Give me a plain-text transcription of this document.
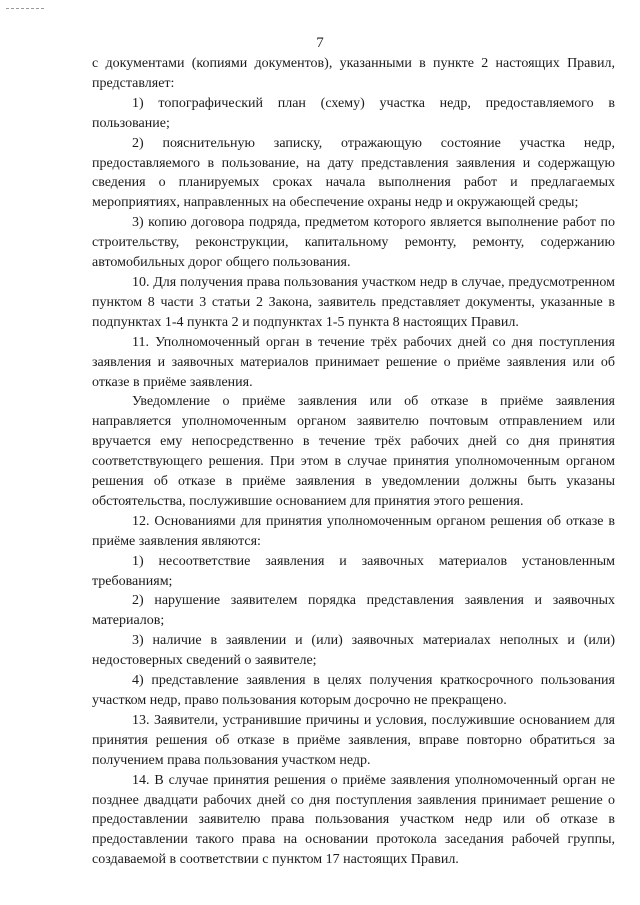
7

с документами (копиями документов), указанными в пункте 2 настоящих Правил, представляет:

1) топографический план (схему) участка недр, предоставляемого в пользование;

2) пояснительную записку, отражающую состояние участка недр, предоставляемого в пользование, на дату представления заявления и содержащую сведения о планируемых сроках начала выполнения работ и предлагаемых мероприятиях, направленных на обеспечение охраны недр и окружающей среды;

3) копию договора подряда, предметом которого является выполнение работ по строительству, реконструкции, капитальному ремонту, ремонту, содержанию автомобильных дорог общего пользования.

10. Для получения права пользования участком недр в случае, предусмотренном пунктом 8 части 3 статьи 2 Закона, заявитель представляет документы, указанные в подпунктах 1-4 пункта 2 и подпунктах 1-5 пункта 8 настоящих Правил.

11. Уполномоченный орган в течение трёх рабочих дней со дня поступления заявления и заявочных материалов принимает решение о приёме заявления или об отказе в приёме заявления.

Уведомление о приёме заявления или об отказе в приёме заявления направляется уполномоченным органом заявителю почтовым отправлением или вручается ему непосредственно в течение трёх рабочих дней со дня принятия соответствующего решения. При этом в случае принятия уполномоченным органом решения об отказе в приёме заявления в уведомлении должны быть указаны обстоятельства, послужившие основанием для принятия этого решения.

12. Основаниями для принятия уполномоченным органом решения об отказе в приёме заявления являются:

1) несоответствие заявления и заявочных материалов установленным требованиям;

2) нарушение заявителем порядка представления заявления и заявочных материалов;

3) наличие в заявлении и (или) заявочных материалах неполных и (или) недостоверных сведений о заявителе;

4) представление заявления в целях получения краткосрочного пользования участком недр, право пользования которым досрочно не прекращено.

13. Заявители, устранившие причины и условия, послужившие основанием для принятия решения об отказе в приёме заявления, вправе повторно обратиться за получением права пользования участком недр.

14. В случае принятия решения о приёме заявления уполномоченный орган не позднее двадцати рабочих дней со дня поступления заявления принимает решение о предоставлении заявителю права пользования участком недр или об отказе в предоставлении такого права на основании протокола заседания рабочей группы, создаваемой в соответствии с пунктом 17 настоящих Правил.
